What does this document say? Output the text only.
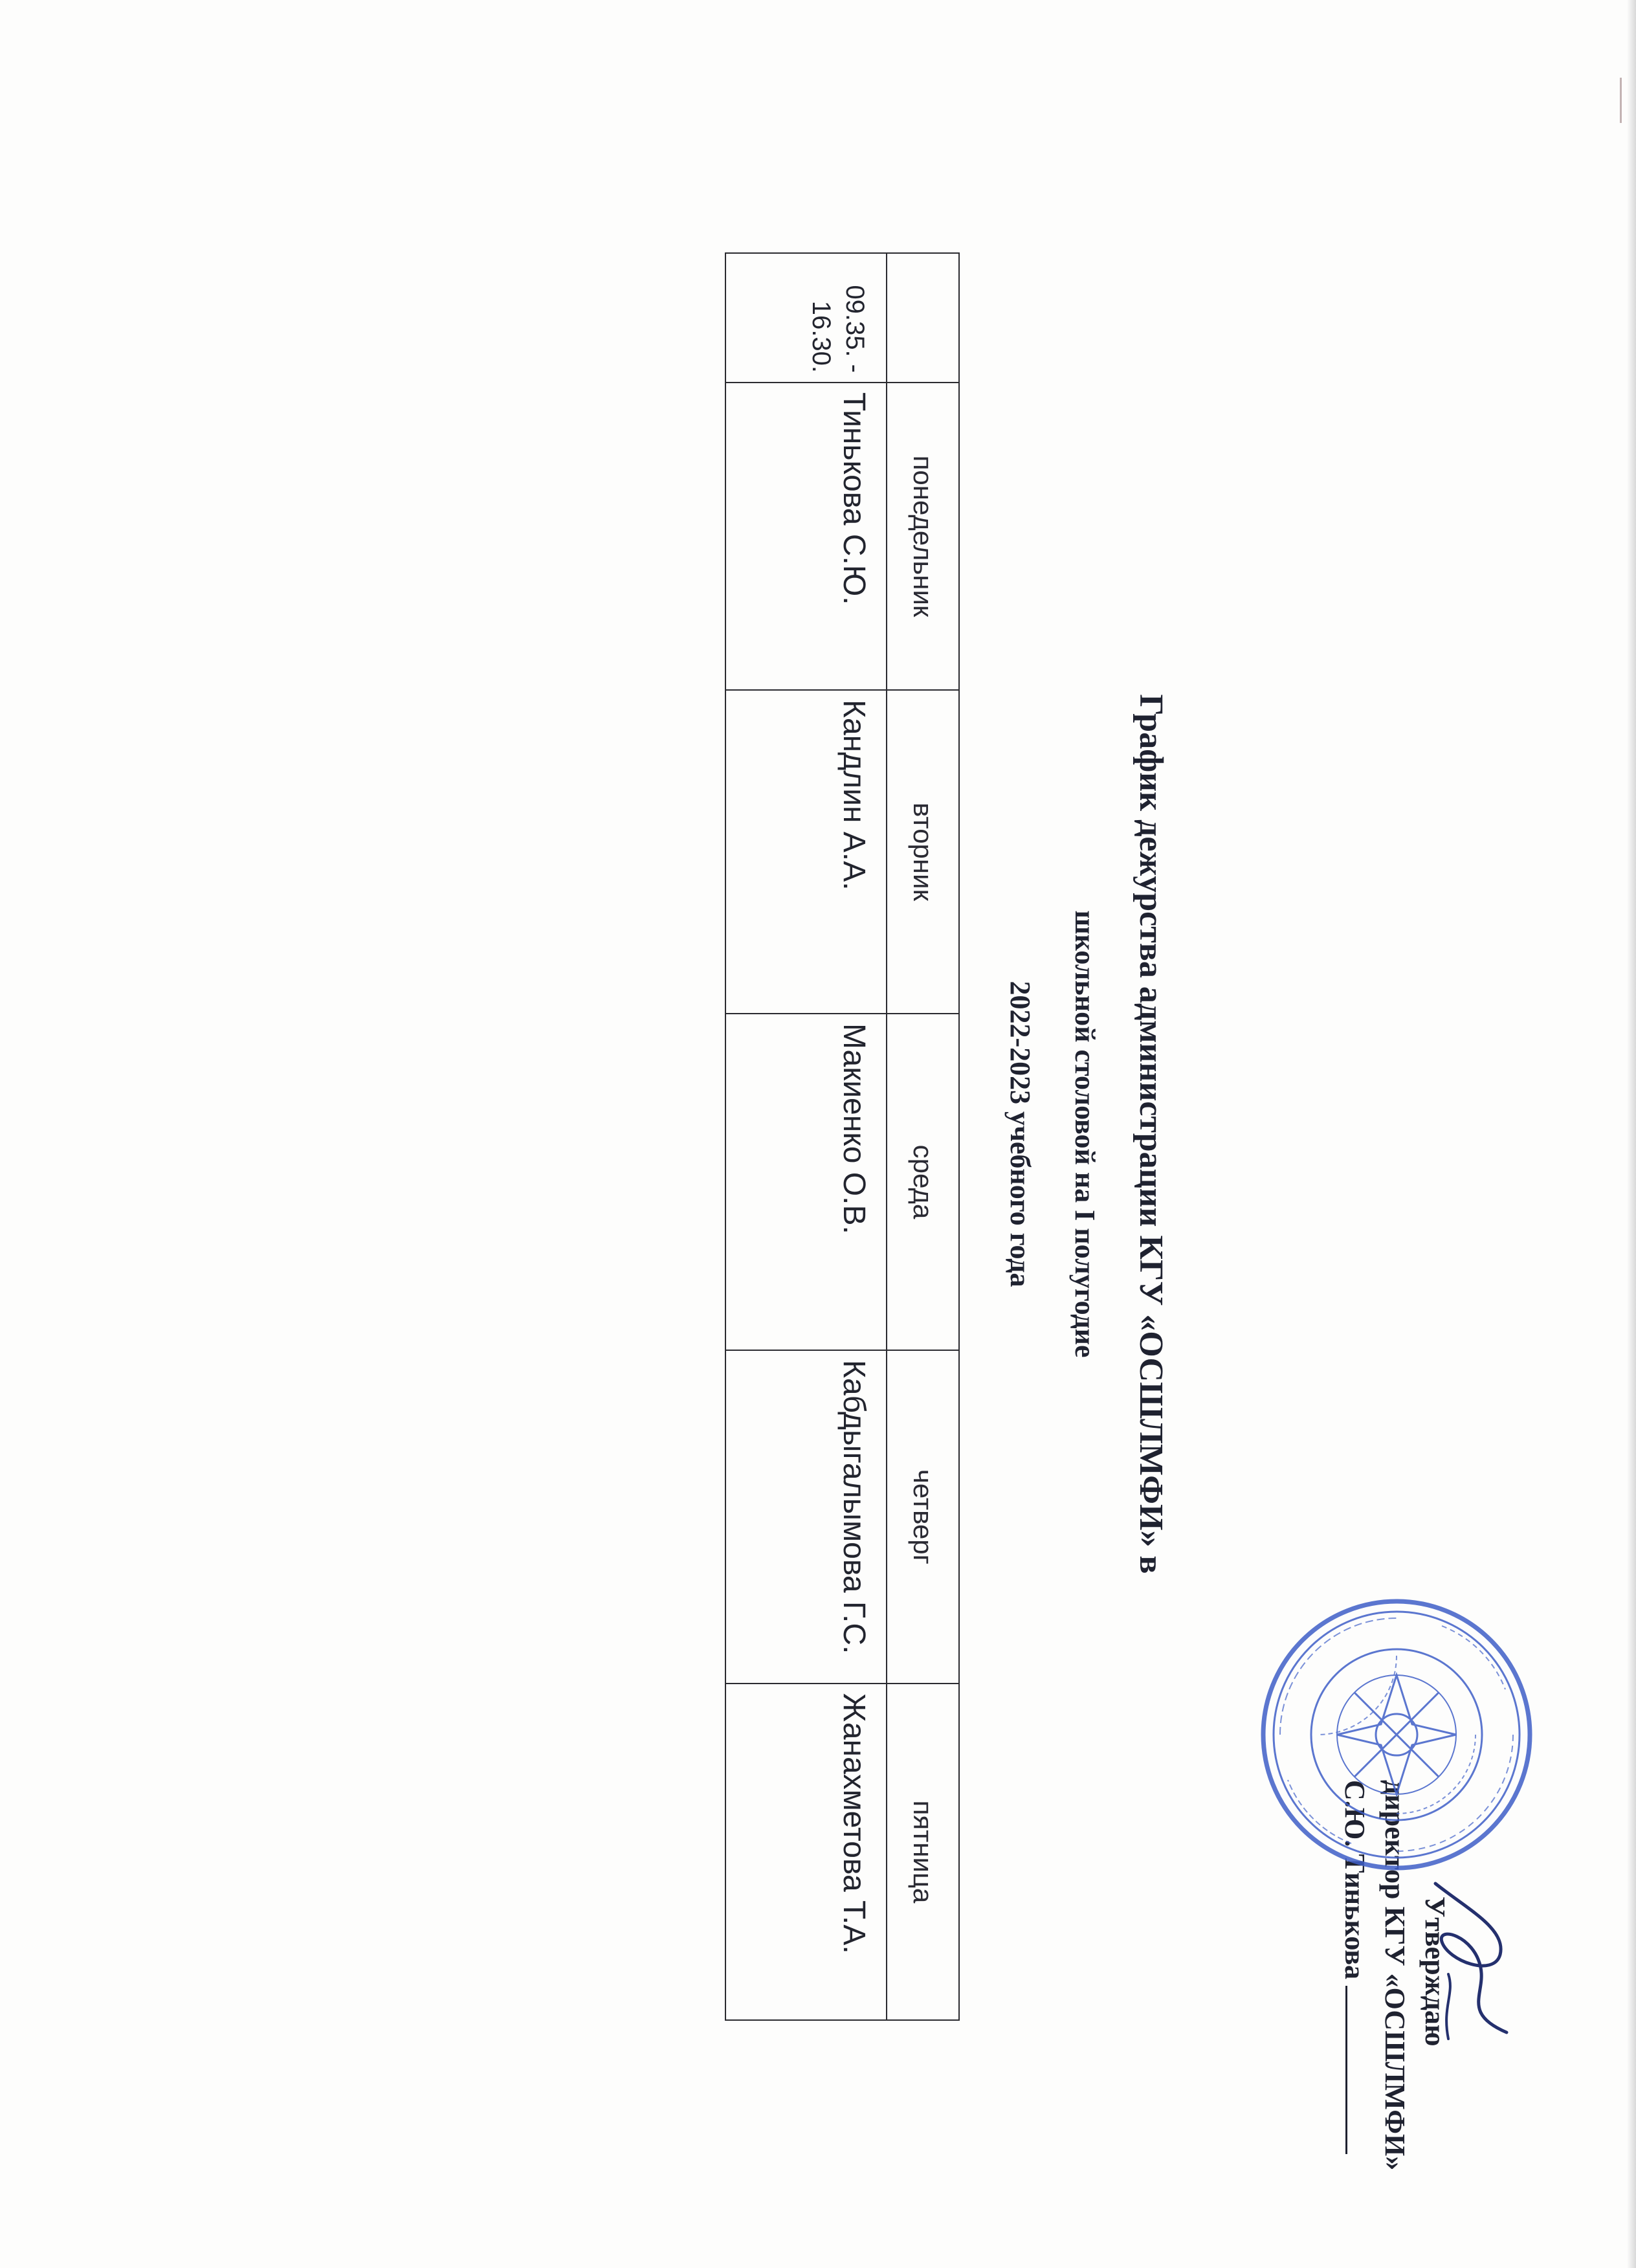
Утверждаю
директор КГУ «ОСШЛМФИ»
С.Ю. Тинькова
График дежурства администрации КГУ «ОСШЛМФИ» в
школьной столовой на I полугодие
2022-2023 учебного года
	понедельник	вторник	среда	четверг	пятница
09.35. - 16.30.	Тинькова С.Ю.	Кандлин А.А.	Макиенко О.В.	Кабдыгалымова Г.С.	Жанахметова Т.А.
